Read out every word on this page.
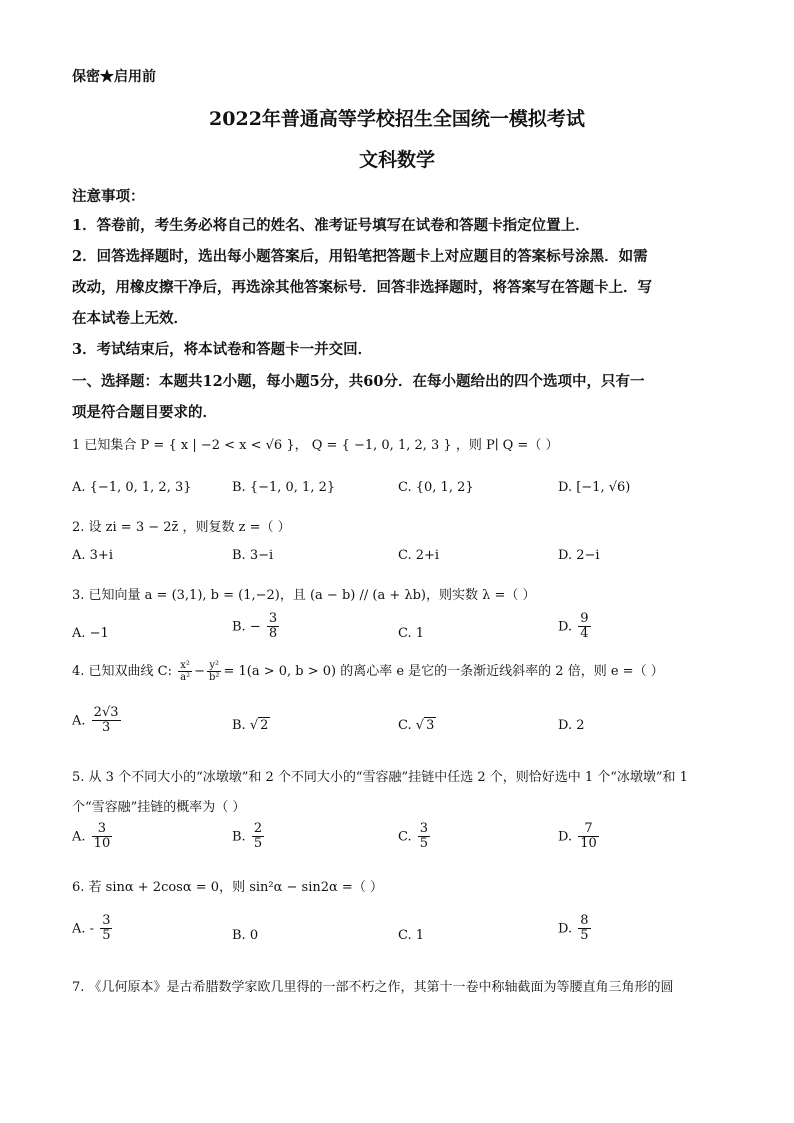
保密★启用前
2022年普通高等学校招生全国统一模拟考试
文科数学
注意事项：
1．答卷前，考生务必将自己的姓名、准考证号填写在试卷和答题卡指定位置上．
2．回答选择题时，选出每小题答案后，用铅笔把答题卡上对应题目的答案标号涂黑．如需
改动，用橡皮擦干净后，再选涂其他答案标号．回答非选择题时，将答案写在答题卡上．写
在本试卷上无效．
3．考试结束后，将本试卷和答题卡一并交回．
一、选择题：本题共12小题，每小题5分，共60分．在每小题给出的四个选项中，只有一
项是符合题目要求的．
1 已知集合 P = { x | −2 < x < √6 }， Q = { −1, 0, 1, 2, 3 } ，则 P∣ Q =（ ）
A. {−1, 0, 1, 2, 3}	B. {−1, 0, 1, 2}	C. {0, 1, 2}	D. [−1, √6)
2. 设 zi = 3 − 2z̄ ，则复数 z =（ ）
A. 3+i	B. 3−i	C. 2+i	D. 2−i
3. 已知向量 a = (3,1), b = (1,−2)，且 (a − b) // (a + λb)，则实数 λ =（ ）
A. −1	B. − $\frac{3}{8}$	C. 1	D. $\frac{9}{4}$
4. 已知双曲线 C: $\frac{\text{x²}}{\text{a²}} - \frac{\text{y²}}{\text{b²}} = 1(a > 0$, b > 0) 的离心率 e 是它的一条渐近线斜率的 2 倍，则 e =（ ）
A. $\frac{2√3}{3}$	B. √ 2	C. √ 3	D. 2
5. 从 3 个不同大小的“冰墩墩”和 2 个不同大小的“雪容融”挂链中任选 2 个，则恰好选中 1 个“冰墩墩”和 1
个“雪容融”挂链的概率为（ ）
A. $\frac{3}{10}$	B. $\frac{2}{5}$	C. $\frac{3}{5}$	D. $\frac{7}{10}$
6. 若 sinα + 2cosα = 0，则 sin²α − sin2α =（ ）
A. - $\frac{3}{5}$	B. 0	C. 1	D. $\frac{8}{5}$
7. 《几何原本》是古希腊数学家欧几里得的一部不朽之作，其第十一卷中称轴截面为等腰直角三角形的圆
